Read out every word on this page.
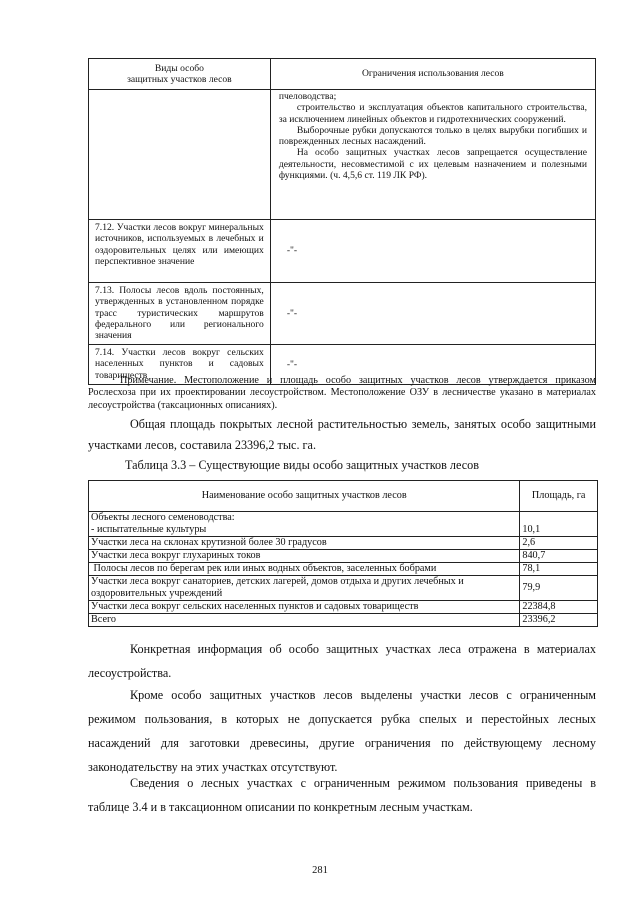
Виды особо
защитных участков лесов	Ограничения использования лесов

	пчеловодства;

строительство и эксплуатация объектов капитального строительства, за исключением линейных объектов и гидротехнических сооружений.

Выборочные рубки допускаются только в целях вырубки погибших и поврежденных лесных насаждений.

На особо защитных участках лесов запрещается осуществление деятельности, несовместимой с их целевым назначением и полезными функциями. (ч. 4,5,6 ст. 119 ЛК РФ).

7.12. Участки лесов вокруг минеральных источников, используемых в лечебных и оздоровительных целях или имеющих перспективное значение	-"-
7.13. Полосы лесов вдоль постоянных, утвержденных в установленном порядке трасс туристических маршрутов федерального или регионального значения	-"-
7.14. Участки лесов вокруг сельских населенных пунктов и садовых товариществ	-"-

Примечание. Местоположение и площадь особо защитных участков лесов утверждается приказом Рослесхоза при их проектировании лесоустройством. Местоположение ОЗУ в лесничестве указано в материалах лесоустройства (таксационных описаниях).

Общая площадь покрытых лесной растительностью земель, занятых особо защитными участками лесов, составила 23396,2 тыс. га.

Таблица 3.3 – Существующие виды особо защитных участков лесов

Наименование особо защитных участков лесов	Площадь, га

Объекты лесного семеноводства:
- испытательные культуры	10,1
Участки леса на склонах крутизной более 30 градусов	2,6
Участки леса вокруг глухариных токов	840,7
Полосы лесов по берегам рек или иных водных объектов, заселенных бобрами	78,1
Участки леса вокруг санаториев, детских лагерей, домов отдыха и других лечебных и оздоровительных учреждений	79,9
Участки леса вокруг сельских населенных пунктов и садовых товариществ	22384,8
Всего	23396,2

Конкретная информация об особо защитных участках леса отражена в материалах лесоустройства.

Кроме особо защитных участков лесов выделены участки лесов с ограниченным режимом пользования, в которых не допускается рубка спелых и перестойных лесных насаждений для заготовки древесины, другие ограничения по действующему лесному законодательству на этих участках отсутствуют.

Сведения о лесных участках с ограниченным режимом пользования приведены в таблице 3.4 и в таксационном описании по конкретным лесным участкам.

281
